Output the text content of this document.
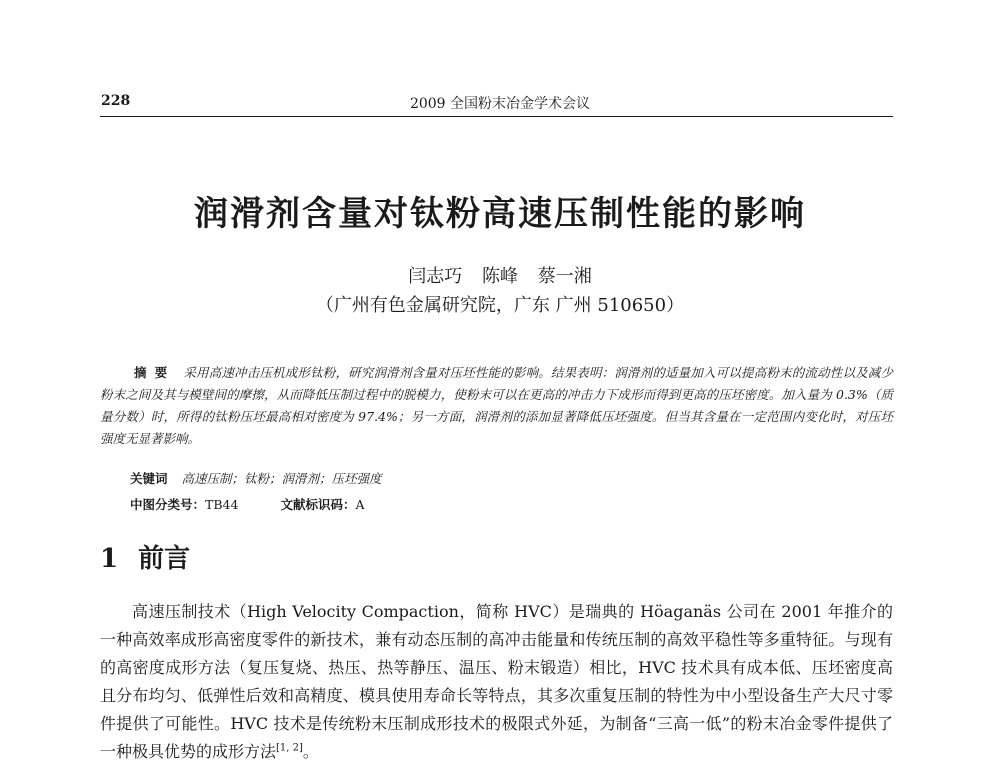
228	2009 全国粉末冶金学术会议
润滑剂含量对钛粉高速压制性能的影响
闫志巧 陈峰 蔡一湘
（广州有色金属研究院，广东 广州 510650）
摘要 采用高速冲击压机成形钛粉，研究润滑剂含量对压坯性能的影响。结果表明：润滑剂的适量加入可以提高粉末的流动性以及减少粉末之间及其与模壁间的摩擦，从而降低压制过程中的脱模力，使粉末可以在更高的冲击力下成形而得到更高的压坯密度。加入量为 0.3%（质量分数）时，所得的钛粉压坯最高相对密度为 97.4%；另一方面，润滑剂的添加显著降低压坯强度。但当其含量在一定范围内变化时，对压坯强度无显著影响。
关键词 高速压制；钛粉；润滑剂；压坯强度
中图分类号：TB44	文献标识码：A
1 前言
高速压制技术（High Velocity Compaction，简称 HVC）是瑞典的 Höaganäs 公司在 2001 年推介的一种高效率成形高密度零件的新技术，兼有动态压制的高冲击能量和传统压制的高效平稳性等多重特征。与现有的高密度成形方法（复压复烧、热压、热等静压、温压、粉末锻造）相比，HVC 技术具有成本低、压坯密度高且分布均匀、低弹性后效和高精度、模具使用寿命长等特点，其多次重复压制的特性为中小型设备生产大尺寸零件提供了可能性。HVC 技术是传统粉末压制成形技术的极限式外延，为制备“三高一低”的粉末冶金零件提供了一种极具优势的成形方法[1, 2]。
